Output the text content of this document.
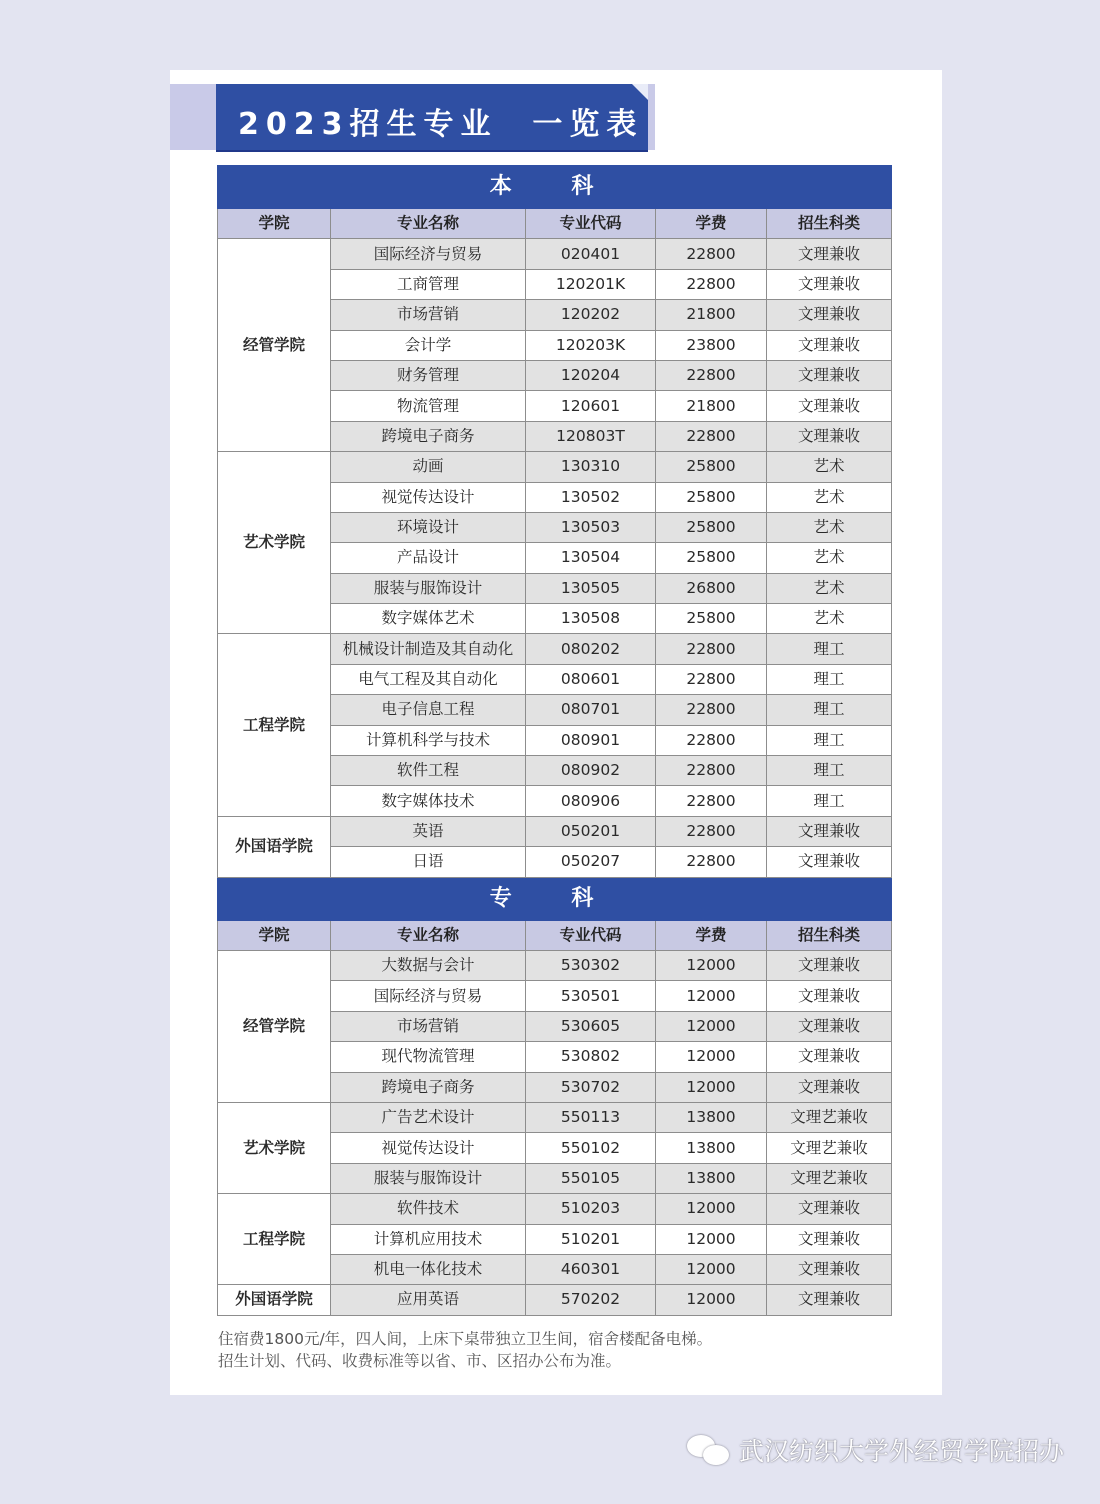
2023招生专业  一览表
本 科				
学院	专业名称	专业代码	学费	招生科类
经管学院	国际经济与贸易	020401	22800	文理兼收
	工商管理	120201K	22800	文理兼收
	市场营销	120202	21800	文理兼收
	会计学	120203K	23800	文理兼收
	财务管理	120204	22800	文理兼收
	物流管理	120601	21800	文理兼收
	跨境电子商务	120803T	22800	文理兼收
艺术学院	动画	130310	25800	艺术
	视觉传达设计	130502	25800	艺术
	环境设计	130503	25800	艺术
	产品设计	130504	25800	艺术
	服装与服饰设计	130505	26800	艺术
	数字媒体艺术	130508	25800	艺术
工程学院	机械设计制造及其自动化	080202	22800	理工
	电气工程及其自动化	080601	22800	理工
	电子信息工程	080701	22800	理工
	计算机科学与技术	080901	22800	理工
	软件工程	080902	22800	理工
	数字媒体技术	080906	22800	理工
外国语学院	英语	050201	22800	文理兼收
	日语	050207	22800	文理兼收
专 科				
学院	专业名称	专业代码	学费	招生科类
经管学院	大数据与会计	530302	12000	文理兼收
	国际经济与贸易	530501	12000	文理兼收
	市场营销	530605	12000	文理兼收
	现代物流管理	530802	12000	文理兼收
	跨境电子商务	530702	12000	文理兼收
艺术学院	广告艺术设计	550113	13800	文理艺兼收
	视觉传达设计	550102	13800	文理艺兼收
	服装与服饰设计	550105	13800	文理艺兼收
工程学院	软件技术	510203	12000	文理兼收
	计算机应用技术	510201	12000	文理兼收
	机电一体化技术	460301	12000	文理兼收
外国语学院	应用英语	570202	12000	文理兼收
住宿费1800元/年，四人间，上床下桌带独立卫生间，宿舍楼配备电梯。
招生计划、代码、收费标准等以省、市、区招办公布为准。
武汉纺织大学外经贸学院招办
